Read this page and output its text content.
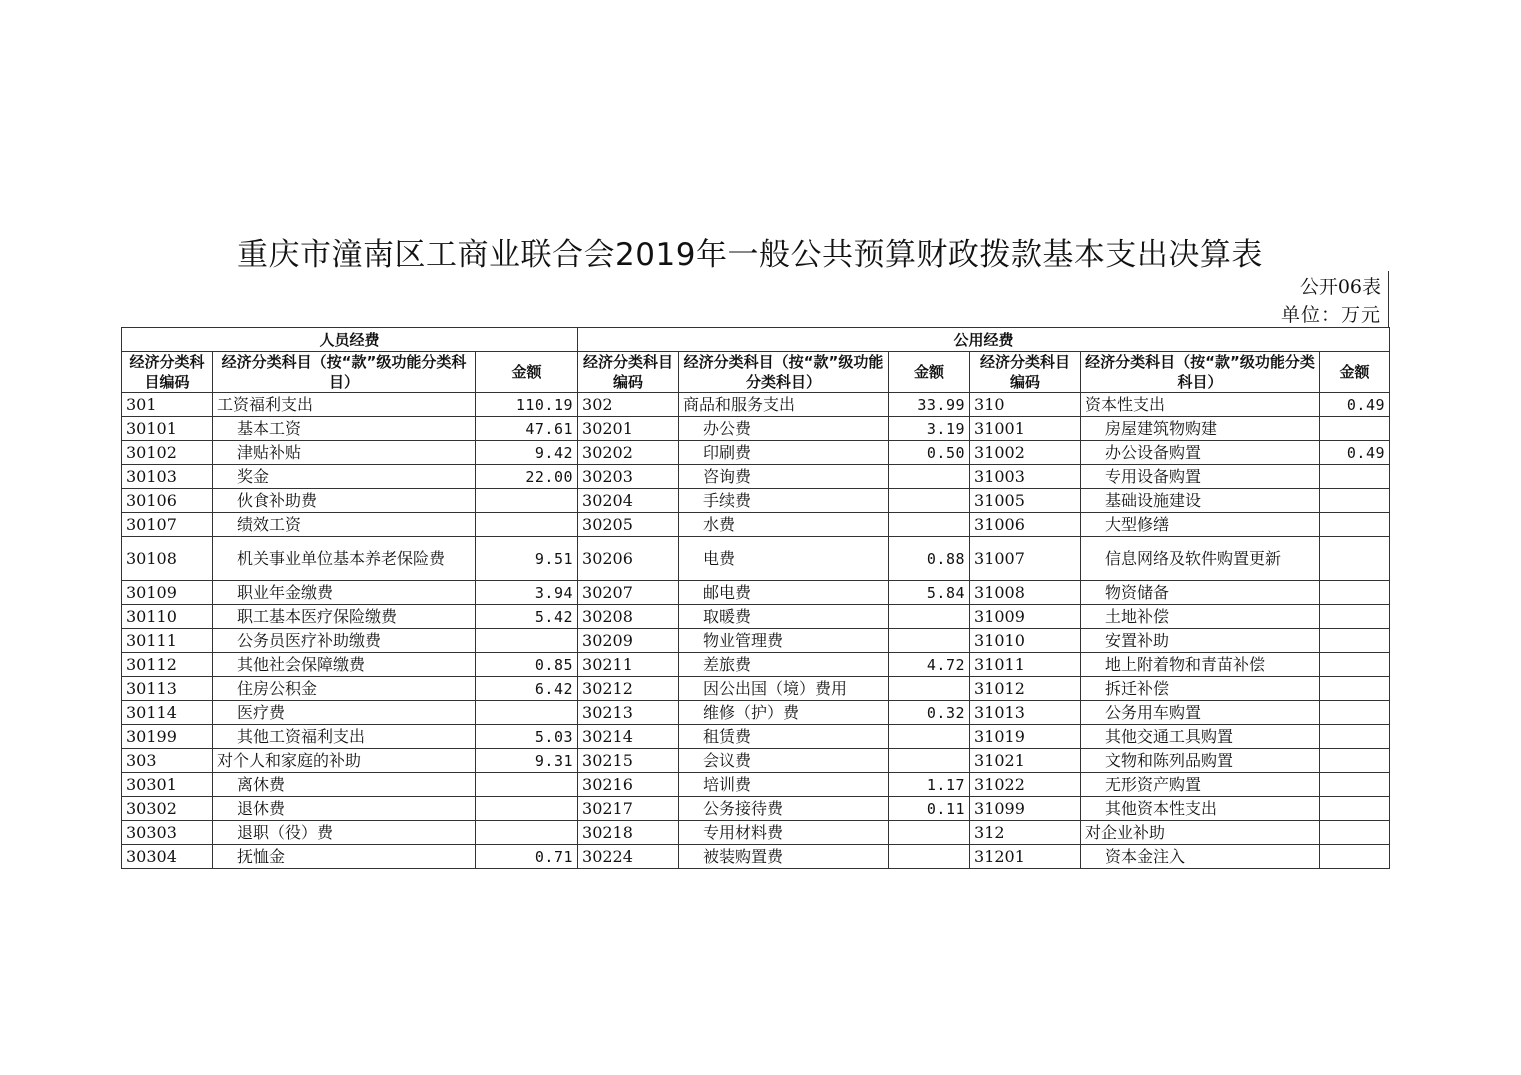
重庆市潼南区工商业联合会2019年一般公共预算财政拨款基本支出决算表
公开06表
单位：万元
人员经费			公用经费					
经济分类科目编码	经济分类科目（按“款”级功能分类科目）	金额	经济分类科目编码	经济分类科目（按“款”级功能分类科目）	金额	经济分类科目编码	经济分类科目（按“款”级功能分类科目）	金额
301	工资福利支出	110.19	302	商品和服务支出	33.99	310	资本性支出	0.49
30101	基本工资	47.61	30201	办公费	3.19	31001	房屋建筑物购建	
30102	津贴补贴	9.42	30202	印刷费	0.50	31002	办公设备购置	0.49
30103	奖金	22.00	30203	咨询费		31003	专用设备购置	
30106	伙食补助费		30204	手续费		31005	基础设施建设	
30107	绩效工资		30205	水费		31006	大型修缮	
30108	机关事业单位基本养老保险费	9.51	30206	电费	0.88	31007	信息网络及软件购置更新	
30109	职业年金缴费	3.94	30207	邮电费	5.84	31008	物资储备	
30110	职工基本医疗保险缴费	5.42	30208	取暖费		31009	土地补偿	
30111	公务员医疗补助缴费		30209	物业管理费		31010	安置补助	
30112	其他社会保障缴费	0.85	30211	差旅费	4.72	31011	地上附着物和青苗补偿	
30113	住房公积金	6.42	30212	因公出国（境）费用		31012	拆迁补偿	
30114	医疗费		30213	维修（护）费	0.32	31013	公务用车购置	
30199	其他工资福利支出	5.03	30214	租赁费		31019	其他交通工具购置	
303	对个人和家庭的补助	9.31	30215	会议费		31021	文物和陈列品购置	
30301	离休费		30216	培训费	1.17	31022	无形资产购置	
30302	退休费		30217	公务接待费	0.11	31099	其他资本性支出	
30303	退职（役）费		30218	专用材料费		312	对企业补助	
30304	抚恤金	0.71	30224	被装购置费		31201	资本金注入	
